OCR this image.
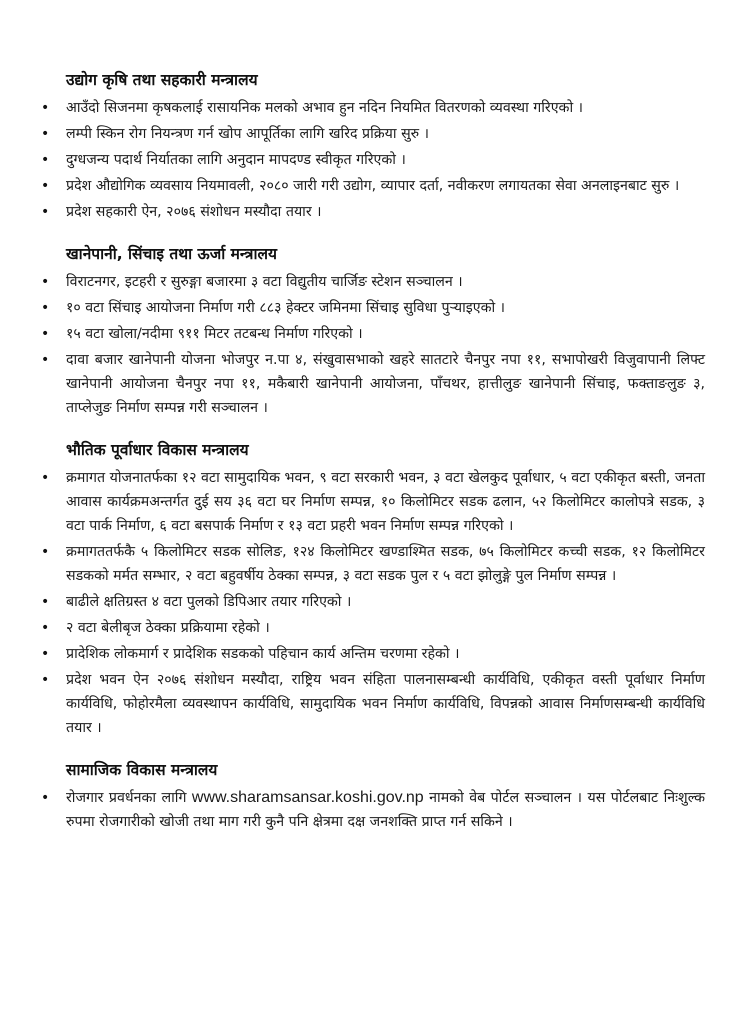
उद्योग कृषि तथा सहकारी मन्त्रालय
• आउँदो सिजनमा कृषकलाई रासायनिक मलको अभाव हुन नदिन नियमित वितरणको व्यवस्था गरिएको ।
• लम्पी स्किन रोग नियन्त्रण गर्न खोप आपूर्तिका लागि खरिद प्रक्रिया सुरु ।
• दुग्धजन्य पदार्थ निर्यातका लागि अनुदान मापदण्ड स्वीकृत गरिएको ।
• प्रदेश औद्योगिक व्यवसाय नियमावली, २०८० जारी गरी उद्योग, व्यापार दर्ता, नवीकरण लगायतका सेवा अनलाइनबाट सुरु ।
• प्रदेश सहकारी ऐन, २०७६ संशोधन मस्यौदा तयार ।
खानेपानी, सिंचाइ तथा ऊर्जा मन्त्रालय
• विराटनगर, इटहरी र सुरुङ्गा बजारमा ३ वटा विद्युतीय चार्जिङ स्टेशन सञ्चालन ।
• १० वटा सिंचाइ आयोजना निर्माण गरी ८८३ हेक्टर जमिनमा सिंचाइ सुविधा पुऱ्याइएको ।
• १५ वटा खोला/नदीमा ९११ मिटर तटबन्ध निर्माण गरिएको ।
• दावा बजार खानेपानी योजना भोजपुर न.पा ४, संखुवासभाको खहरे सातटारे चैनपुर नपा ११, सभापोखरी विजुवापानी लिफ्ट खानेपानी आयोजना चैनपुर नपा ११, मकैबारी खानेपानी आयोजना, पाँचथर, हात्तीलुङ खानेपानी सिंचाइ, फक्ताङलुङ ३, ताप्लेजुङ निर्माण सम्पन्न गरी सञ्चालन ।
भौतिक पूर्वाधार विकास मन्त्रालय
• क्रमागत योजनातर्फका १२ वटा सामुदायिक भवन, ९ वटा सरकारी भवन, ३ वटा खेलकुद पूर्वाधार, ५ वटा एकीकृत बस्ती, जनता आवास कार्यक्रमअन्तर्गत दुई सय ३६ वटा घर निर्माण सम्पन्न, १० किलोमिटर सडक ढलान, ५२ किलोमिटर कालोपत्रे सडक, ३ वटा पार्क निर्माण, ६ वटा बसपार्क निर्माण र १३ वटा प्रहरी भवन निर्माण सम्पन्न गरिएको ।
• क्रमागततर्फकै ५ किलोमिटर सडक सोलिङ, १२४ किलोमिटर खण्डाश्मित सडक, ७५ किलोमिटर कच्ची सडक, १२ किलोमिटर सडकको मर्मत सम्भार, २ वटा बहुवर्षीय ठेक्का सम्पन्न, ३ वटा सडक पुल र ५ वटा झोलुङ्गे पुल निर्माण सम्पन्न ।
• बाढीले क्षतिग्रस्त ४ वटा पुलको डिपिआर तयार गरिएको ।
• २ वटा बेलीबृज ठेक्का प्रक्रियामा रहेको ।
• प्रादेशिक लोकमार्ग र प्रादेशिक सडकको पहिचान कार्य अन्तिम चरणमा रहेको ।
• प्रदेश भवन ऐन २०७६ संशोधन मस्यौदा, राष्ट्रिय भवन संहिता पालनासम्बन्धी कार्यविधि, एकीकृत वस्ती पूर्वाधार निर्माण कार्यविधि, फोहोरमैला व्यवस्थापन कार्यविधि, सामुदायिक भवन निर्माण कार्यविधि, विपन्नको आवास निर्माणसम्बन्धी कार्यविधि तयार ।
सामाजिक विकास मन्त्रालय
• रोजगार प्रवर्धनका लागि www.sharamsansar.koshi.gov.np नामको वेब पोर्टल सञ्चालन । यस पोर्टलबाट निःशुल्क रुपमा रोजगारीको खोजी तथा माग गरी कुनै पनि क्षेत्रमा दक्ष जनशक्ति प्राप्त गर्न सकिने ।
